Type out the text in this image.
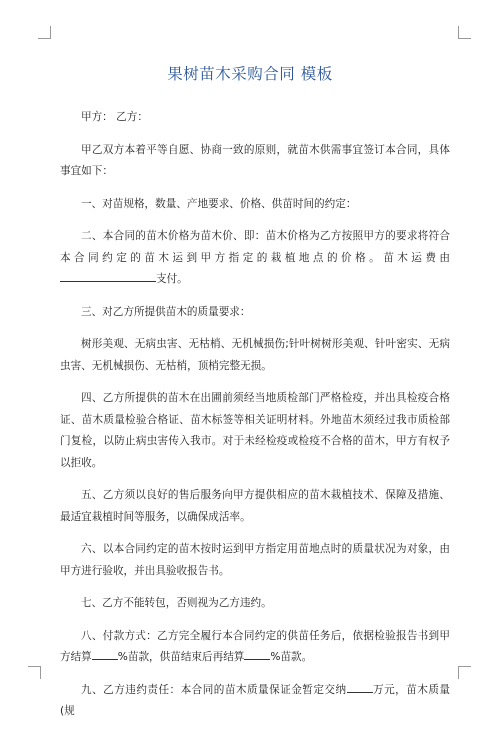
果树苗木采购合同 模板

甲方： 乙方：

甲乙双方本着平等自愿、协商一致的原则，就苗木供需事宜签订本合同，具体事宜如下：

一、对苗规格，数量、产地要求、价格、供苗时间的约定：

二、本合同的苗木价格为苗木价、即：苗木价格为乙方按照甲方的要求将符合本合同约定的苗木运到甲方指定的栽植地点的价格。苗木运费由支付。

三、对乙方所提供苗木的质量要求：

树形美观、无病虫害、无枯梢、无机械损伤;针叶树树形美观、针叶密实、无病虫害、无机械损伤、无枯梢，顶梢完整无损。

四、乙方所提供的苗木在出圃前须经当地质检部门严格检疫，并出具检疫合格证、苗木质量检验合格证、苗木标签等相关证明材料。外地苗木须经过我市质检部门复检，以防止病虫害传入我市。对于未经检疫或检疫不合格的苗木，甲方有权予以拒收。

五、乙方须以良好的售后服务向甲方提供相应的苗木栽植技术、保障及措施、最适宜栽植时间等服务，以确保成活率。

六、以本合同约定的苗木按时运到甲方指定用苗地点时的质量状况为对象，由甲方进行验收，并出具验收报告书。

七、乙方不能转包，否则视为乙方违约。

八、付款方式：乙方完全履行本合同约定的供苗任务后，依据检验报告书到甲方结算 %苗款，供苗结束后再结算 %苗款。

九、乙方违约责任：本合同的苗木质量保证金暂定交纳 万元，苗木质量(规
